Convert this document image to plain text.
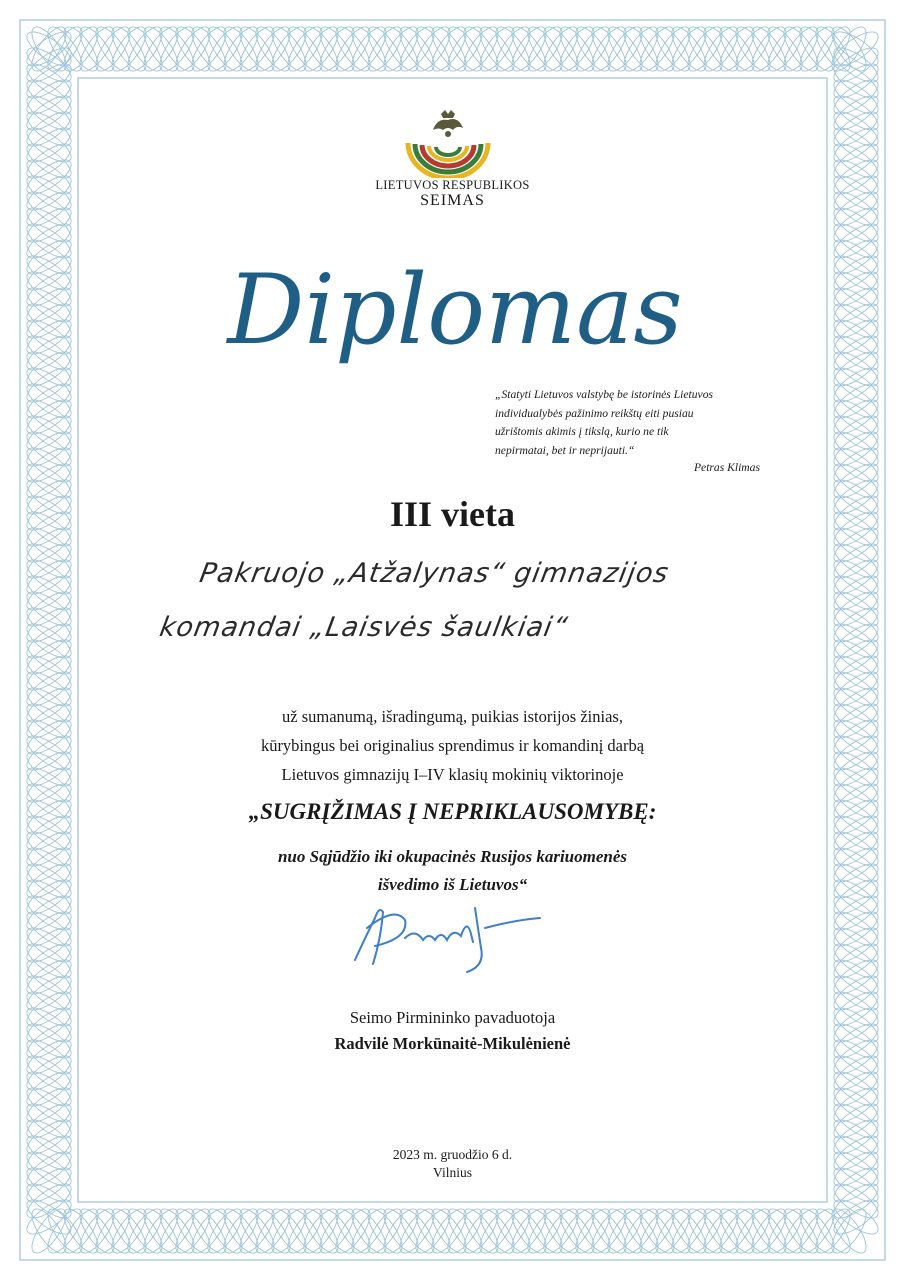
LIETUVOS RESPUBLIKOS
SEIMAS
Diplomas
„Statyti Lietuvos valstybę be istorinės Lietuvos
individualybės pažinimo reikštų eiti pusiau
užrištomis akimis į tikslą, kurio ne tik
nepirmatai, bet ir neprijauti.“
Petras Klimas
III vieta
Pakruojo „Atžalynas“ gimnazijos
komandai „Laisvės šaulkiai“
už sumanumą, išradingumą, puikias istorijos žinias,
kūrybingus bei originalius sprendimus ir komandinį darbą
Lietuvos gimnazijų I–IV klasių mokinių viktorinoje
„SUGRĮŽIMAS Į NEPRIKLAUSOMYBĘ:
nuo Sąjūdžio iki okupacinės Rusijos kariuomenės
išvedimo iš Lietuvos“
Seimo Pirmininko pavaduotoja
Radvilė Morkūnaitė-Mikulėnienė
2023 m. gruodžio 6 d.
Vilnius
